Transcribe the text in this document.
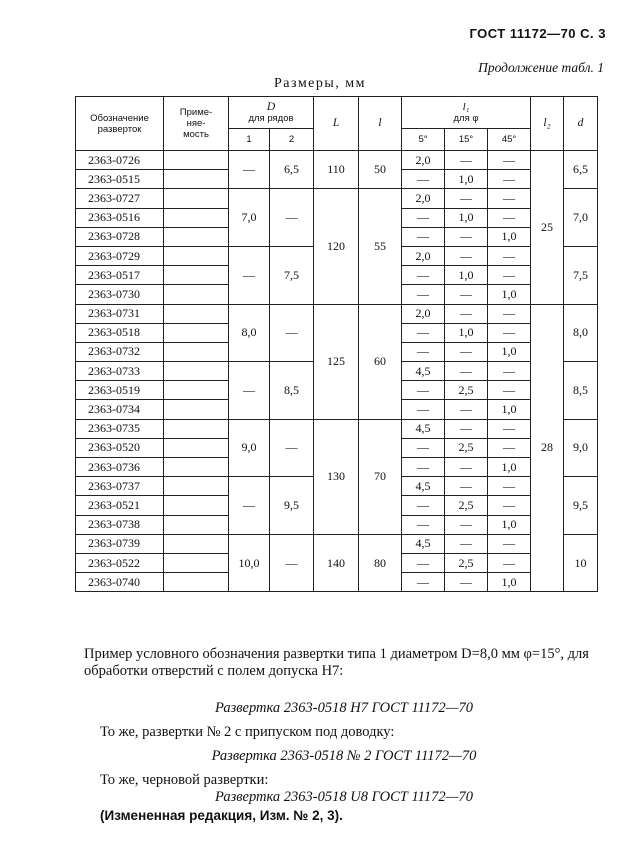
ГОСТ 11172—70 С. 3
Продолжение табл. 1
Размеры, мм
Обозначение разверток	Приме-
няе-
мость	D
для рядов		L	l	l₁
для φ			l₂	d
		1	2			5°	15°	45°		
2363-0726		—	6,5	110	50	2,0	—	—	25	6,5
2363-0515						—	1,0	—		
2363-0727		7,0	—	120	55	2,0	—	—		7,0
2363-0516						—	1,0	—		
2363-0728						—	—	1,0		
2363-0729		—	7,5			2,0	—	—		7,5
2363-0517						—	1,0	—		
2363-0730						—	—	1,0		
2363-0731		8,0	—	125	60	2,0	—	—	28	8,0
2363-0518						—	1,0	—		
2363-0732						—	—	1,0		
2363-0733		—	8,5			4,5	—	—		8,5
2363-0519						—	2,5	—		
2363-0734						—	—	1,0		
2363-0735		9,0	—	130	70	4,5	—	—		9,0
2363-0520						—	2,5	—		
2363-0736						—	—	1,0		
2363-0737		—	9,5			4,5	—	—		9,5
2363-0521						—	2,5	—		
2363-0738						—	—	1,0		
2363-0739		10,0	—	140	80	4,5	—	—		10
2363-0522						—	2,5	—		
2363-0740						—	—	1,0		
Пример условного обозначения развертки типа 1 диаметром D=8,0 мм φ=15°, для обработки отверстий с полем допуска H7:
Развертка 2363-0518 H7 ГОСТ 11172—70
То же, развертки № 2 с припуском под доводку:
Развертка 2363-0518 № 2 ГОСТ 11172—70
То же, черновой развертки:
Развертка 2363-0518 U8 ГОСТ 11172—70
(Измененная редакция, Изм. № 2, 3).
